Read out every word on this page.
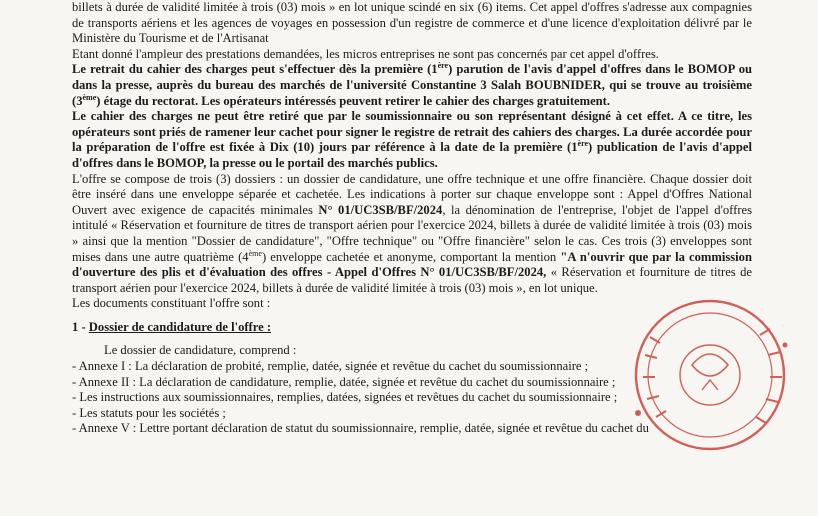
billets à durée de validité limitée à trois (03) mois » en lot unique scindé en six (6) items. Cet appel d'offres s'adresse aux compagnies de transports aériens et les agences de voyages en possession d'un registre de commerce et d'une licence d'exploitation délivré par le Ministère du Tourisme et de l'Artisanat

Etant donné l'ampleur des prestations demandées, les micros entreprises ne sont pas concernés par cet appel d'offres.

Le retrait du cahier des charges peut s'effectuer dès la première (1ère) parution de l'avis d'appel d'offres dans le BOMOP ou dans la presse, auprès du bureau des marchés de l'université Constantine 3 Salah BOUBNIDER, qui se trouve au troisième (3ème) étage du rectorat. Les opérateurs intéressés peuvent retirer le cahier des charges gratuitement.

Le cahier des charges ne peut être retiré que par le soumissionnaire ou son représentant désigné à cet effet. A ce titre, les opérateurs sont priés de ramener leur cachet pour signer le registre de retrait des cahiers des charges. La durée accordée pour la préparation de l'offre est fixée à Dix (10) jours par référence à la date de la première (1ère) publication de l'avis d'appel d'offres dans le BOMOP, la presse ou le portail des marchés publics.

L'offre se compose de trois (3) dossiers : un dossier de candidature, une offre technique et une offre financière. Chaque dossier doit être inséré dans une enveloppe séparée et cachetée. Les indications à porter sur chaque enveloppe sont : Appel d'Offres National Ouvert avec exigence de capacités minimales N° 01/UC3SB/BF/2024, la dénomination de l'entreprise, l'objet de l'appel d'offres intitulé « Réservation et fourniture de titres de transport aérien pour l'exercice 2024, billets à durée de validité limitée à trois (03) mois » ainsi que la mention "Dossier de candidature", "Offre technique" ou "Offre financière" selon le cas. Ces trois (3) enveloppes sont mises dans une autre quatrième (4ème) enveloppe cachetée et anonyme, comportant la mention "A n'ouvrir que par la commission d'ouverture des plis et d'évaluation des offres - Appel d'Offres N° 01/UC3SB/BF/2024, « Réservation et fourniture de titres de transport aérien pour l'exercice 2024, billets à durée de validité limitée à trois (03) mois », en lot unique.

Les documents constituant l'offre sont :

1 - Dossier de candidature de l'offre :

Le dossier de candidature, comprend :

- Annexe I : La déclaration de probité, remplie, datée, signée et revêtue du cachet du soumissionnaire ;

- Annexe II : La déclaration de candidature, remplie, datée, signée et revêtue du cachet du soumissionnaire ;

- Les instructions aux soumissionnaires, remplies, datées, signées et revêtues du cachet du soumissionnaire ;

- Les statuts pour les sociétés ;

- Annexe V : Lettre portant déclaration de statut du soumissionnaire, remplie, datée, signée et revêtue du cachet du
